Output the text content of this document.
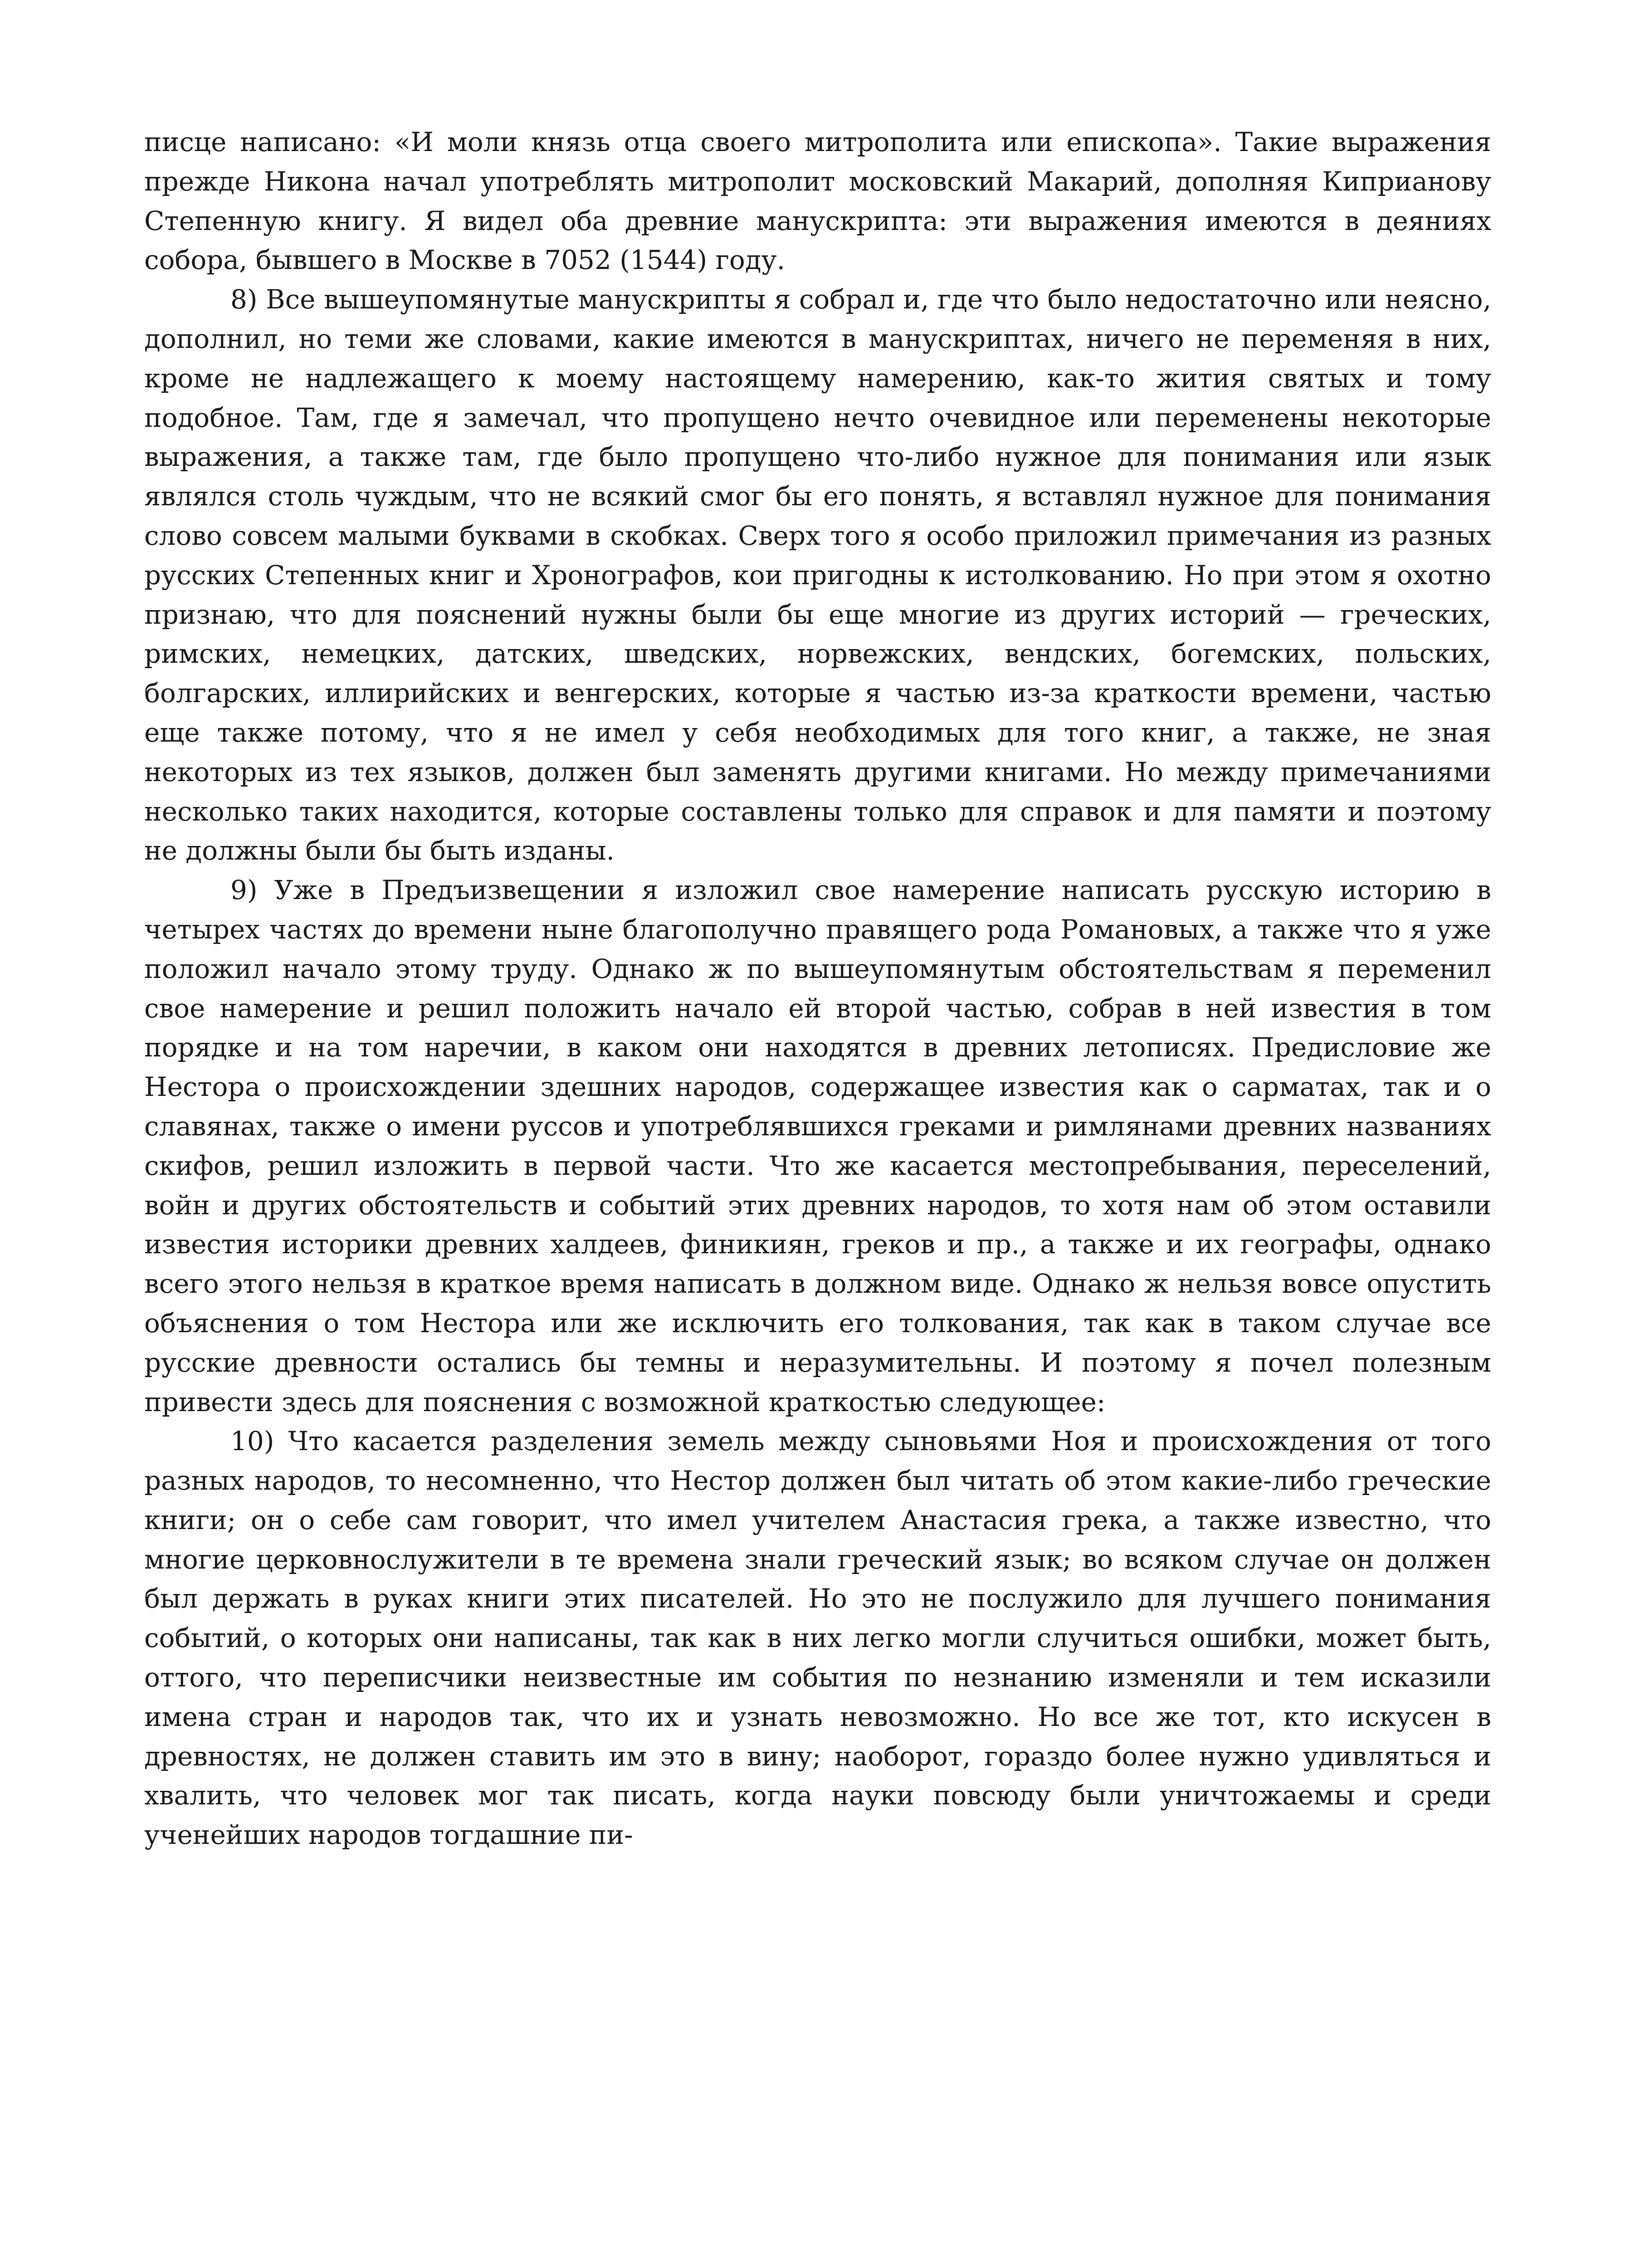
писце написано: «И моли князь отца своего митрополита или епископа». Такие выражения прежде Никона начал употреблять митрополит московский Макарий, дополняя Киприанову Степенную книгу. Я видел оба древние манускрипта: эти выражения имеются в деяниях собора, бывшего в Москве в 7052 (1544) году.

8) Все вышеупомянутые манускрипты я собрал и, где что было недостаточно или неясно, дополнил, но теми же словами, какие имеются в манускриптах, ничего не переменяя в них, кроме не надлежащего к моему настоящему намерению, как-то жития святых и тому подобное. Там, где я замечал, что пропущено нечто очевидное или переменены некоторые выражения, а также там, где было пропущено что-либо нужное для понимания или язык являлся столь чуждым, что не всякий смог бы его понять, я вставлял нужное для понимания слово совсем малыми буквами в скобках. Сверх того я особо приложил примечания из разных русских Степенных книг и Хронографов, кои пригодны к истолкованию. Но при этом я охотно признаю, что для пояснений нужны были бы еще многие из других историй — греческих, римских, немецких, датских, шведских, норвежских, вендских, богемских, польских, болгарских, иллирийских и венгерских, которые я частью из-за краткости времени, частью еще также потому, что я не имел у себя необходимых для того книг, а также, не зная некоторых из тех языков, должен был заменять другими книгами. Но между примечаниями несколько таких находится, которые составлены только для справок и для памяти и поэтому не должны были бы быть изданы.

9) Уже в Предъизвещении я изложил свое намерение написать русскую историю в четырех частях до времени ныне благополучно правящего рода Романовых, а также что я уже положил начало этому труду. Однако ж по вышеупомянутым обстоятельствам я переменил свое намерение и решил положить начало ей второй частью, собрав в ней известия в том порядке и на том наречии, в каком они находятся в древних летописях. Предисловие же Нестора о происхождении здешних народов, содержащее известия как о сарматах, так и о славянах, также о имени руссов и употреблявшихся греками и римлянами древних названиях скифов, решил изложить в первой части. Что же касается местопребывания, переселений, войн и других обстоятельств и событий этих древних народов, то хотя нам об этом оставили известия историки древних халдеев, финикиян, греков и пр., а также и их географы, однако всего этого нельзя в краткое время написать в должном виде. Однако ж нельзя вовсе опустить объяснения о том Нестора или же исключить его толкования, так как в таком случае все русские древности остались бы темны и неразумительны. И поэтому я почел полезным привести здесь для пояснения с возможной краткостью следующее:

10) Что касается разделения земель между сыновьями Ноя и происхождения от того разных народов, то несомненно, что Нестор должен был читать об этом какие-либо греческие книги; он о себе сам говорит, что имел учителем Анастасия грека, а также известно, что многие церковнослужители в те времена знали греческий язык; во всяком случае он должен был держать в руках книги этих писателей. Но это не послужило для лучшего понимания событий, о которых они написаны, так как в них легко могли случиться ошибки, может быть, оттого, что переписчики неизвестные им события по незнанию изменяли и тем исказили имена стран и народов так, что их и узнать невозможно. Но все же тот, кто искусен в древностях, не должен ставить им это в вину; наоборот, гораздо более нужно удивляться и хвалить, что человек мог так писать, когда науки повсюду были уничтожаемы и среди ученейших народов тогдашние пи-
